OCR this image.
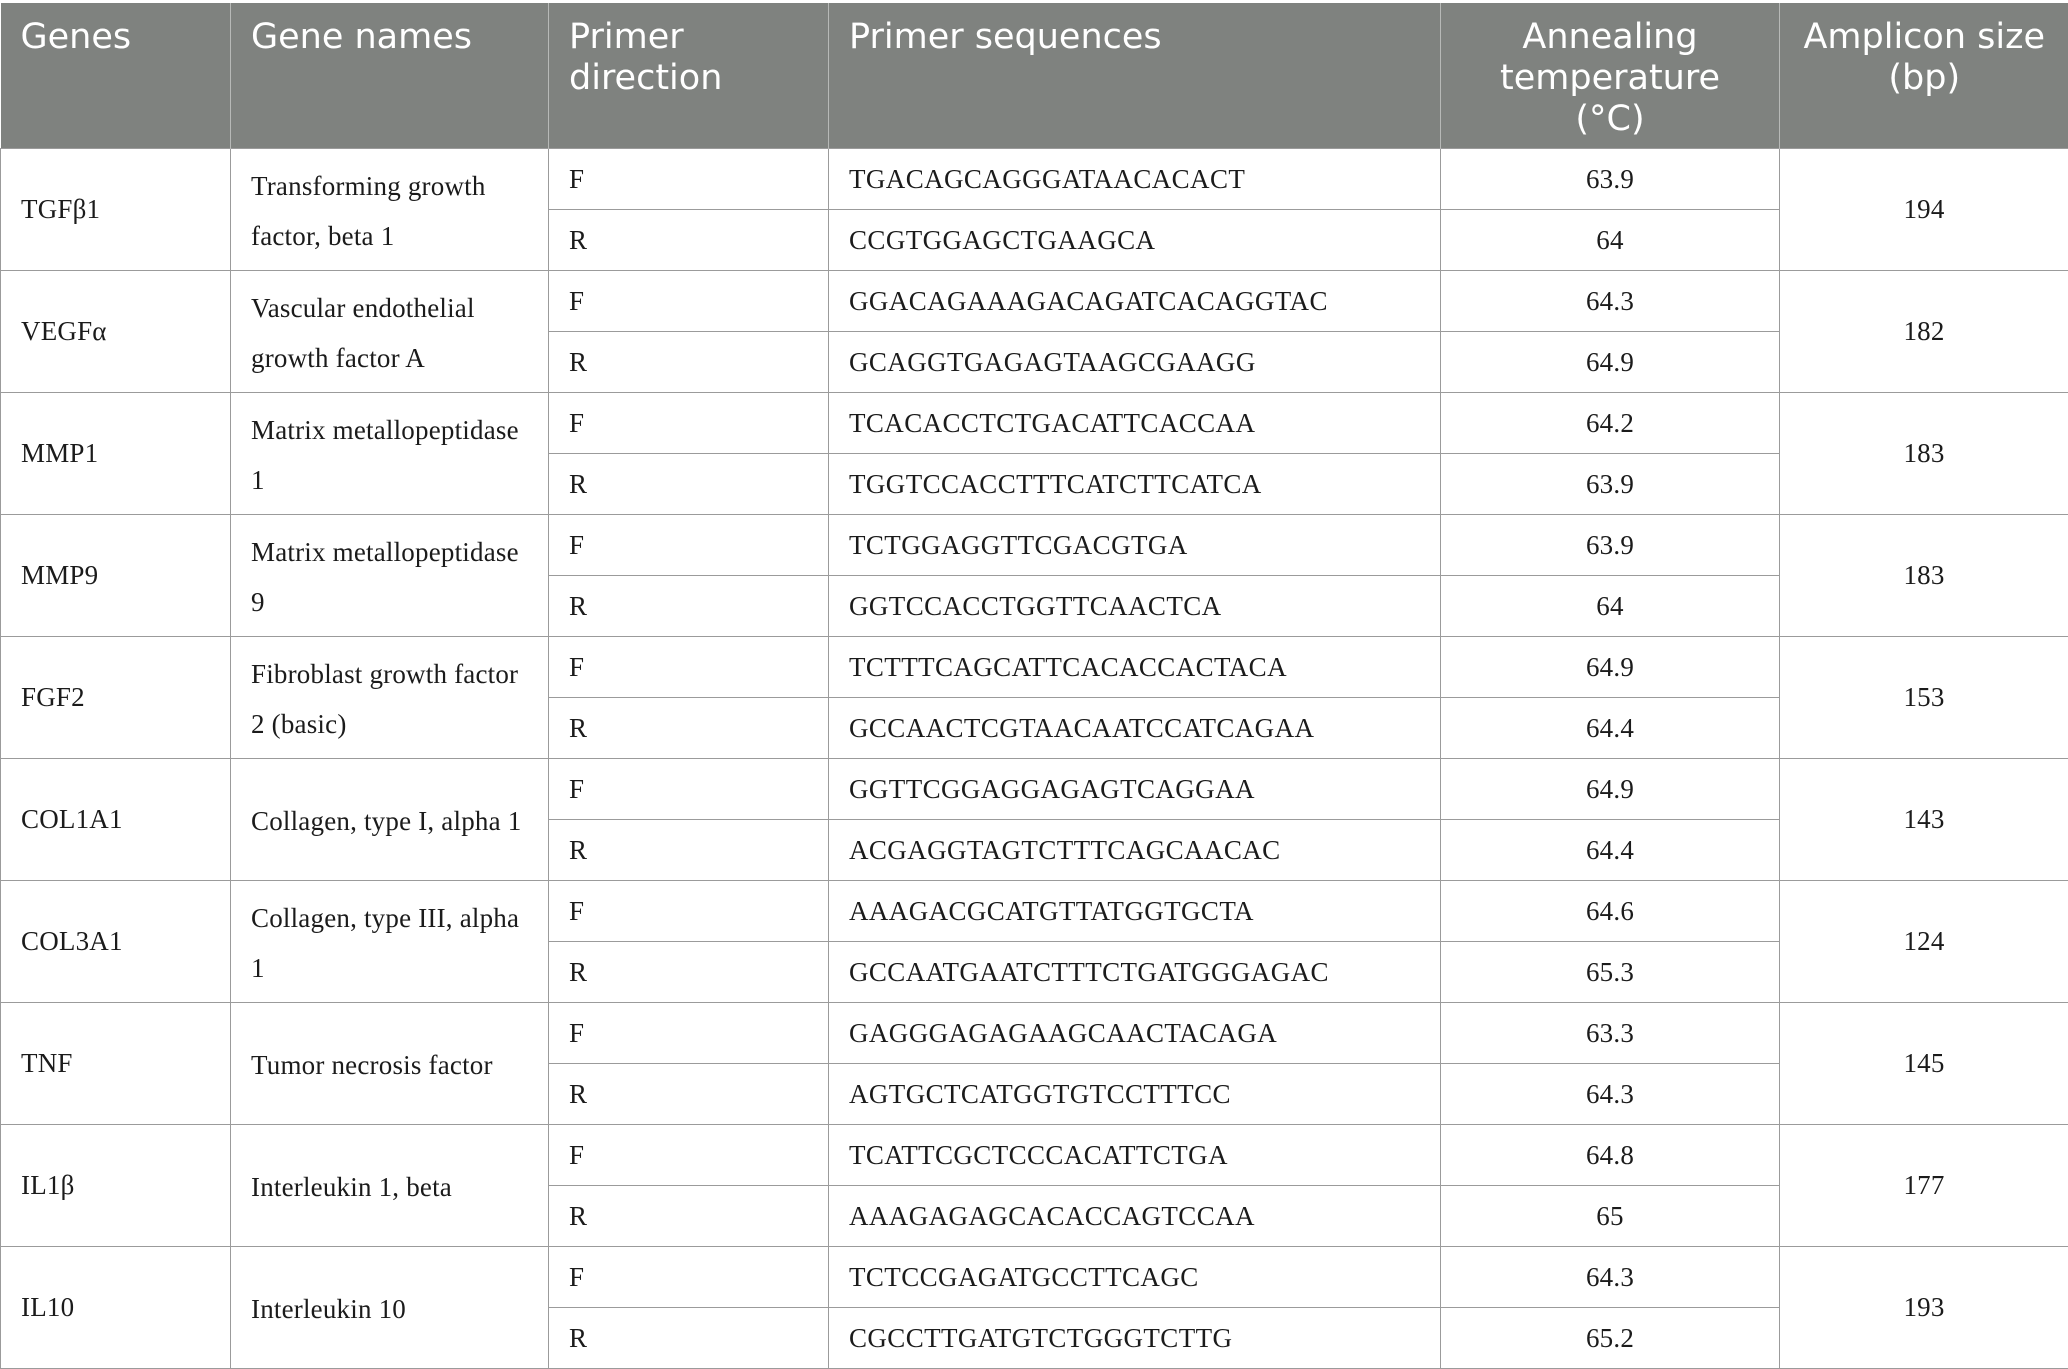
Genes	Gene names	Primer direction	Primer sequences	Annealing temperature (°C)	Amplicon size (bp)
TGFβ1	Transforming growth factor, beta 1	F	TGACAGCAGGGATAACACACT	63.9	194
		R	CCGTGGAGCTGAAGCA	64	
VEGFα	Vascular endothelial growth factor A	F	GGACAGAAAGACAGATCACAGGTAC	64.3	182
		R	GCAGGTGAGAGTAAGCGAAGG	64.9	
MMP1	Matrix metallopeptidase 1	F	TCACACCTCTGACATTCACCAA	64.2	183
		R	TGGTCCACCTTTCATCTTCATCA	63.9	
MMP9	Matrix metallopeptidase 9	F	TCTGGAGGTTCGACGTGA	63.9	183
		R	GGTCCACCTGGTTCAACTCA	64	
FGF2	Fibroblast growth factor 2 (basic)	F	TCTTTCAGCATTCACACCACTACA	64.9	153
		R	GCCAACTCGTAACAATCCATCAGAA	64.4	
COL1A1	Collagen, type I, alpha 1	F	GGTTCGGAGGAGAGTCAGGAA	64.9	143
		R	ACGAGGTAGTCTTTCAGCAACAC	64.4	
COL3A1	Collagen, type III, alpha 1	F	AAAGACGCATGTTATGGTGCTA	64.6	124
		R	GCCAATGAATCTTTCTGATGGGAGAC	65.3	
TNF	Tumor necrosis factor	F	GAGGGAGAGAAGCAACTACAGA	63.3	145
		R	AGTGCTCATGGTGTCCTTTCC	64.3	
IL1β	Interleukin 1, beta	F	TCATTCGCTCCCACATTCTGA	64.8	177
		R	AAAGAGAGCACACCAGTCCAA	65	
IL10	Interleukin 10	F	TCTCCGAGATGCCTTCAGC	64.3	193
		R	CGCCTTGATGTCTGGGTCTTG	65.2	
